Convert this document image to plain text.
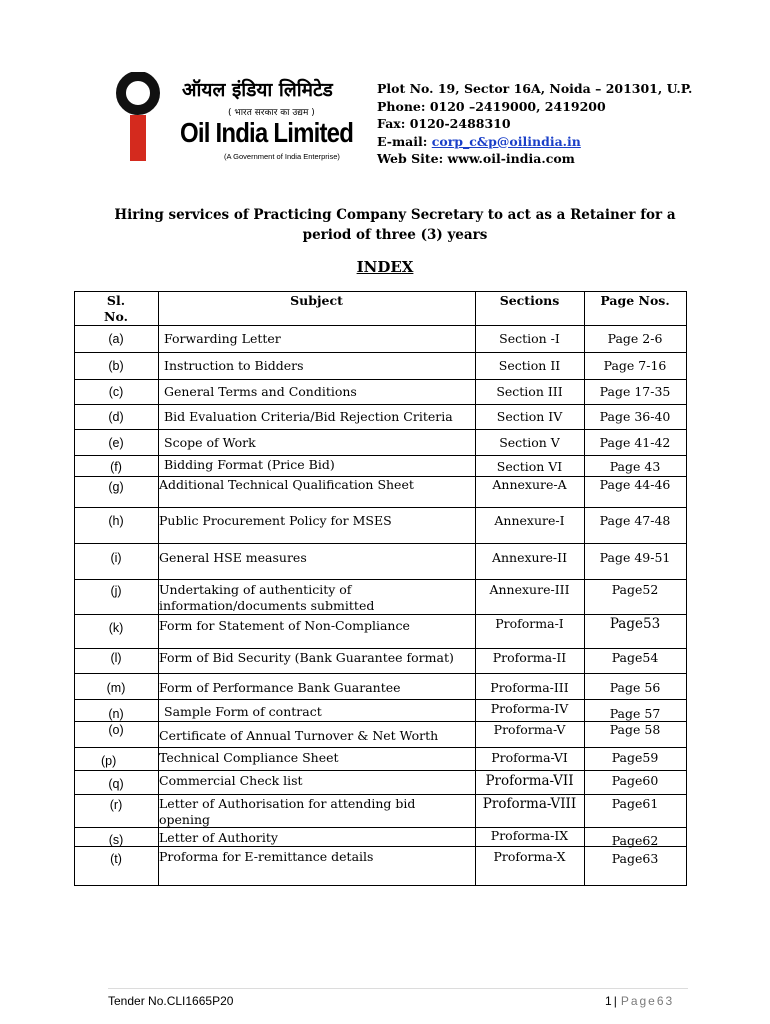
ऑयल इंडिया लिमिटेड
( भारत सरकार का उद्यम )
Oil India Limited
(A Government of India Enterprise)
Plot No. 19, Sector 16A, Noida – 201301, U.P.
Phone: 0120 –2419000, 2419200
Fax: 0120-2488310
E-mail: corp_c&p@oilindia.in
Web Site: www.oil-india.com
Hiring services of Practicing Company Secretary to act as a Retainer for a
period of three (3) years
INDEX
Sl.
No.
Subject	Sections	Page Nos.
(a)	Forwarding Letter	Section -I	Page 2-6
(b)	Instruction to Bidders	Section II	Page 7-16
(c)	General Terms and Conditions	Section III	Page 17-35
(d)	Bid Evaluation Criteria/Bid Rejection Criteria	Section IV	Page 36-40
(e)	Scope of Work	Section V	Page 41-42
(f)	Bidding Format (Price Bid)	Section VI	Page 43
(g)	Additional Technical Qualification Sheet	Annexure-A	Page 44-46
(h)	Public Procurement Policy for MSES	Annexure-I	Page 47-48
(i)	General HSE measures	Annexure-II	Page 49-51
(j)	Undertaking of authenticity of
information/documents submitted
Annexure-III	Page52
(k)	Form for Statement of Non-Compliance	Proforma-I	Page53
(l)	Form of Bid Security (Bank Guarantee format)	Proforma-II	Page54
(m)	Form of Performance Bank Guarantee	Proforma-III	Page 56
(n)	Sample Form of contract	Proforma-IV	Page 57
(o)	Certificate of Annual Turnover & Net Worth	Proforma-V	Page 58
(p)	Technical Compliance Sheet	Proforma-VI	Page59
(q)	Commercial Check list	Proforma-VII	Page60
(r)	Letter of Authorisation for attending bid
opening
Proforma-VIII	Page61
(s)	Letter of Authority	Proforma-IX	Page62
(t)	Proforma for E-remittance details	Proforma-X	Page63
Tender No.CLI1665P20	1 | Page63
